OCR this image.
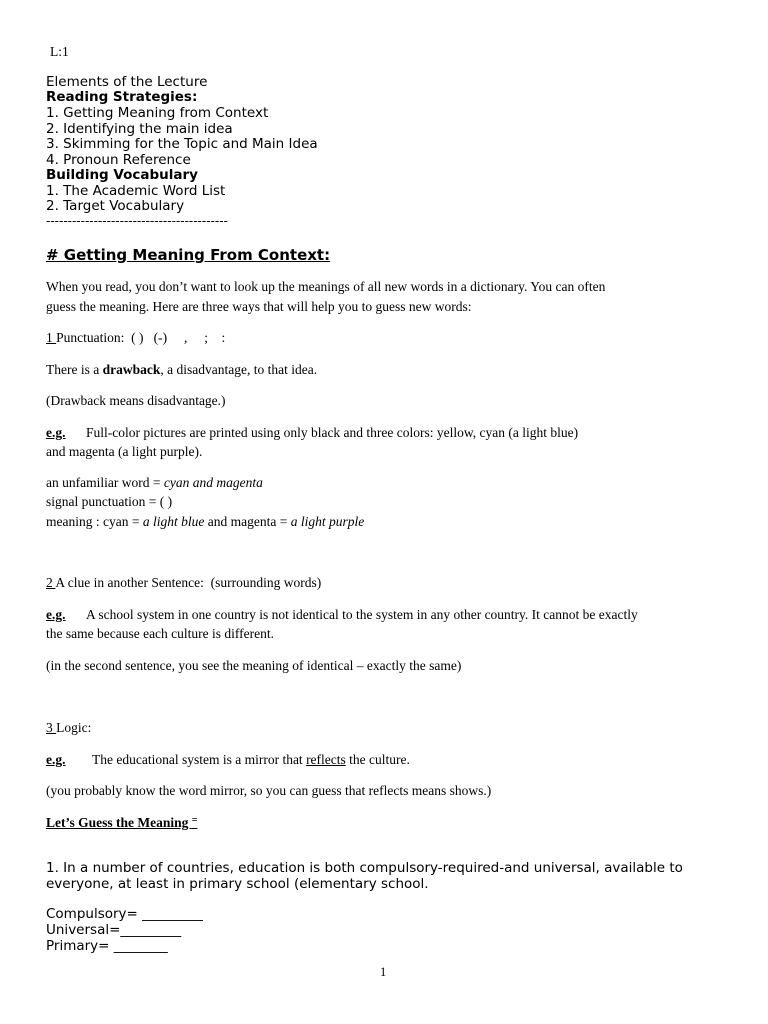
L:1
Elements of the Lecture
Reading Strategies:
1. Getting Meaning from Context
2. Identifying the main idea
3. Skimming for the Topic and Main Idea
4. Pronoun Reference
Building Vocabulary
1. The Academic Word List
2. Target Vocabulary
------------------------------------------
# Getting Meaning From Context:
When you read, you don’t want to look up the meanings of all new words in a dictionary. You can often
guess the meaning. Here are three ways that will help you to guess new words:
1 Punctuation: ( )   (-)     ,     ;    :
There is a drawback, a disadvantage, to that idea.
(Drawback means disadvantage.)
e.g. Full-color pictures are printed using only black and three colors: yellow, cyan (a light blue)
and magenta (a light purple).
an unfamiliar word = cyan and magenta
signal punctuation = ( )
meaning : cyan = a light blue and magenta = a light purple
2 A clue in another Sentence:  (surrounding words)
e.g. A school system in one country is not identical to the system in any other country. It cannot be exactly
the same because each culture is different.
(in the second sentence, you see the meaning of identical – exactly the same)
3 Logic:
e.g. The educational system is a mirror that reflects the culture.
(you probably know the word mirror, so you can guess that reflects means shows.)
Let’s Guess the Meaning =
1. In a number of countries, education is both compulsory-required-and universal, available to
everyone, at least in primary school (elementary school.
Compulsory= _________
Universal=_________
Primary= ________
1
